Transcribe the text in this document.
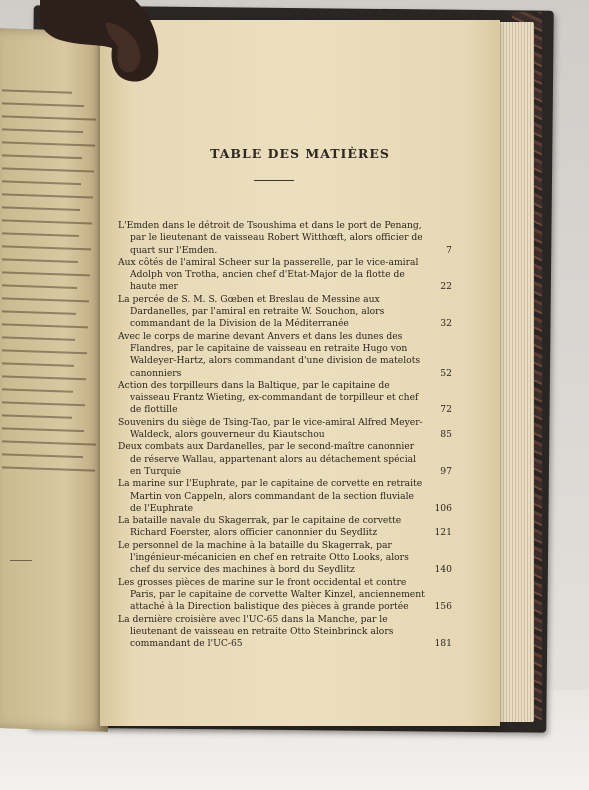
TABLE DES MATIÈRES
L'Emden dans le détroit de Tsoushima et dans le port de Penang, par le lieutenant de vaisseau Robert Witthœft, alors officier de quart sur l'Emden.	7
Aux côtés de l'amiral Scheer sur la passerelle, par le vice-amiral Adolph von Trotha, ancien chef d'Etat-Major de la flotte de haute mer	22
La percée de S. M. S. Gœben et Breslau de Messine aux Dardanelles, par l'amiral en retraite W. Souchon, alors commandant de la Division de la Méditerranée	32
Avec le corps de marine devant Anvers et dans les dunes des Flandres, par le capitaine de vaisseau en retraite Hugo von Waldeyer-Hartz, alors commandant d'une division de matelots canonniers	52
Action des torpilleurs dans la Baltique, par le capitaine de vaisseau Frantz Wieting, ex-commandant de torpilleur et chef de flottille	72
Souvenirs du siège de Tsing-Tao, par le vice-amiral Alfred Meyer-Waldeck, alors gouverneur du Kiautschou	85
Deux combats aux Dardanelles, par le second-maître canonnier de réserve Wallau, appartenant alors au détachement spécial en Turquie	97
La marine sur l'Euphrate, par le capitaine de corvette en retraite Martin von Cappeln, alors commandant de la section fluviale de l'Euphrate	106
La bataille navale du Skagerrak, par le capitaine de corvette Richard Foerster, alors officier canonnier du Seydlitz	121
Le personnel de la machine à la bataille du Skagerrak, par l'ingénieur-mécanicien en chef en retraite Otto Looks, alors chef du service des machines à bord du Seydlitz	140
Les grosses pièces de marine sur le front occidental et contre Paris, par le capitaine de corvette Walter Kinzel, anciennement attaché à la Direction balistique des pièces à grande portée	156
La dernière croisière avec l'UC-65 dans la Manche, par le lieutenant de vaisseau en retraite Otto Steinbrinck alors commandant de l'UC-65	181
